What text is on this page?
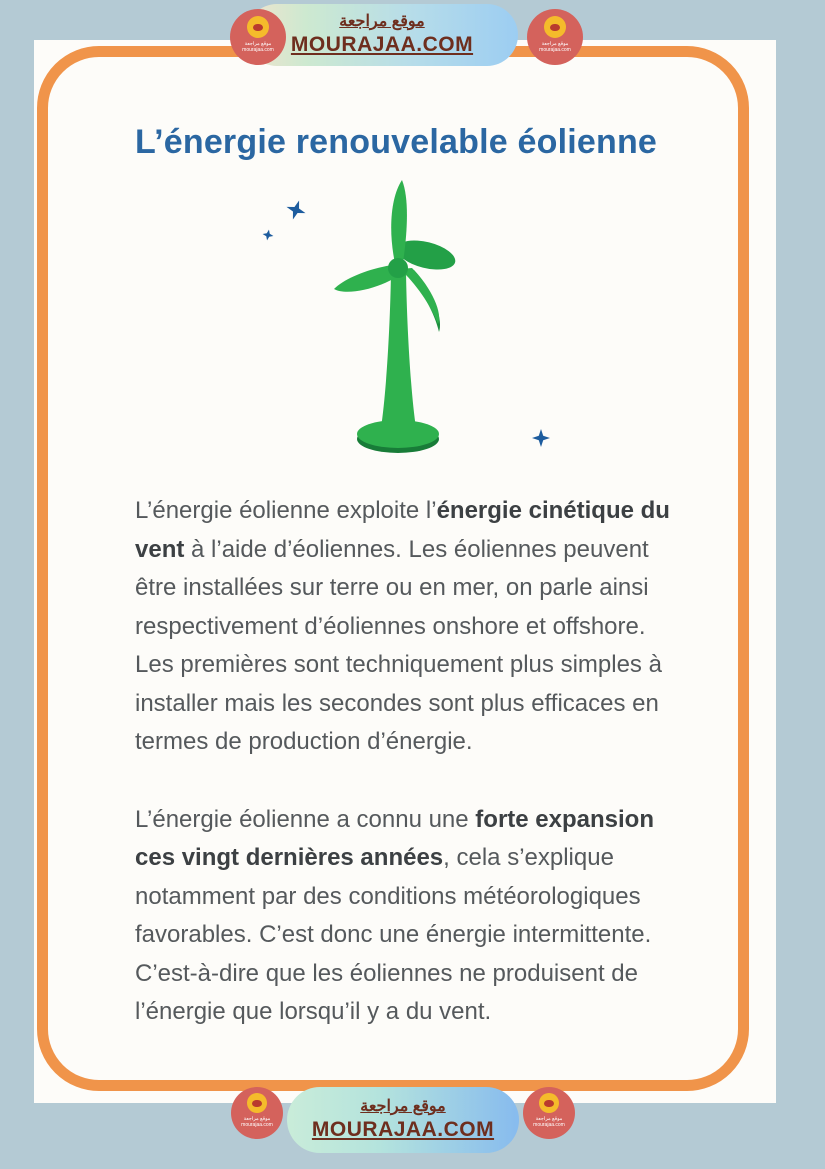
موقع مراجعة
MOURAJAA.COM
موقع مراجعة
mourajaa.com
موقع مراجعة
mourajaa.com
L’énergie renouvelable éolienne

L’énergie éolienne exploite l’énergie cinétique du vent à l’aide d’éoliennes. Les éoliennes peuvent être installées sur terre ou en mer, on parle ainsi respectivement d’éoliennes onshore et offshore. Les premières sont techniquement plus simples à installer mais les secondes sont plus efficaces en termes de production d’énergie.

L’énergie éolienne a connu une forte expansion ces vingt dernières années, cela s’explique notamment par des conditions météorologiques favorables. C’est donc une énergie intermittente. C’est-à-dire que les éoliennes ne produisent de l’énergie que lorsqu’il y a du vent.

موقع مراجعة
MOURAJAA.COM
موقع مراجعة
mourajaa.com
موقع مراجعة
mourajaa.com
